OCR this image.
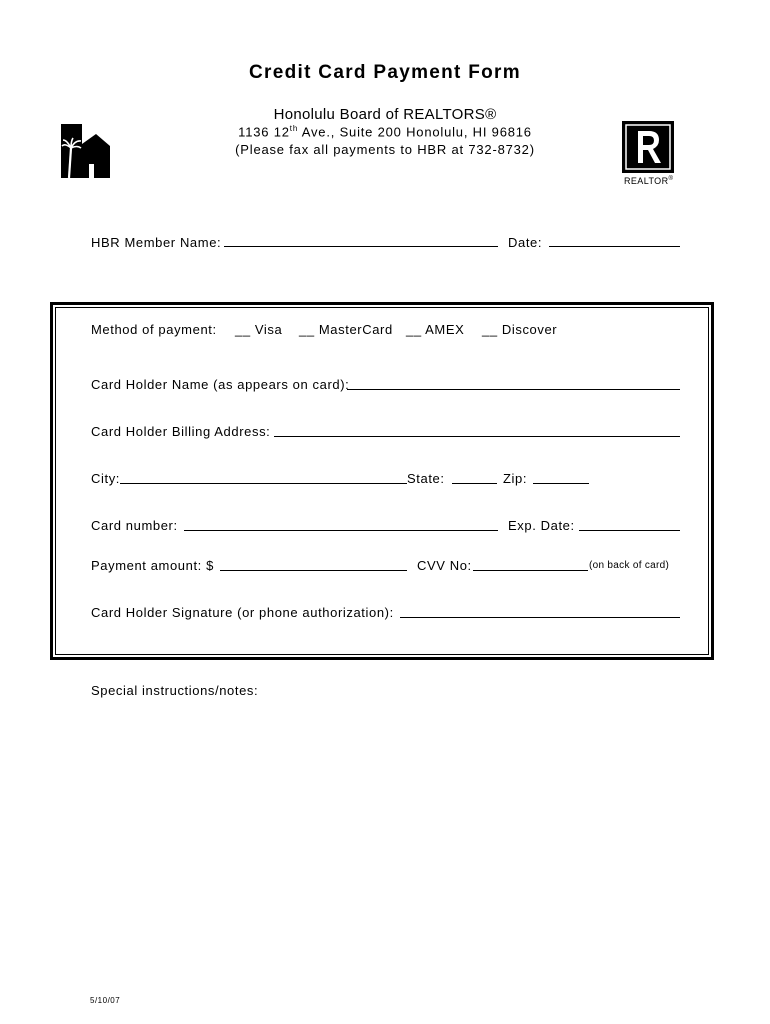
Credit Card Payment Form
Honolulu Board of REALTORS®
1136 12th Ave., Suite 200 Honolulu, HI 96816
(Please fax all payments to HBR at 732-8732)
REALTOR®
HBR Member Name:	Date:
Method of payment: __ Visa __ MasterCard __ AMEX __ Discover
Card Holder Name (as appears on card):
Card Holder Billing Address:
City:	State:	Zip:
Card number:	Exp. Date:
Payment amount: $	CVV No:	(on back of card)
Card Holder Signature (or phone authorization):
Special instructions/notes:
5/10/07
